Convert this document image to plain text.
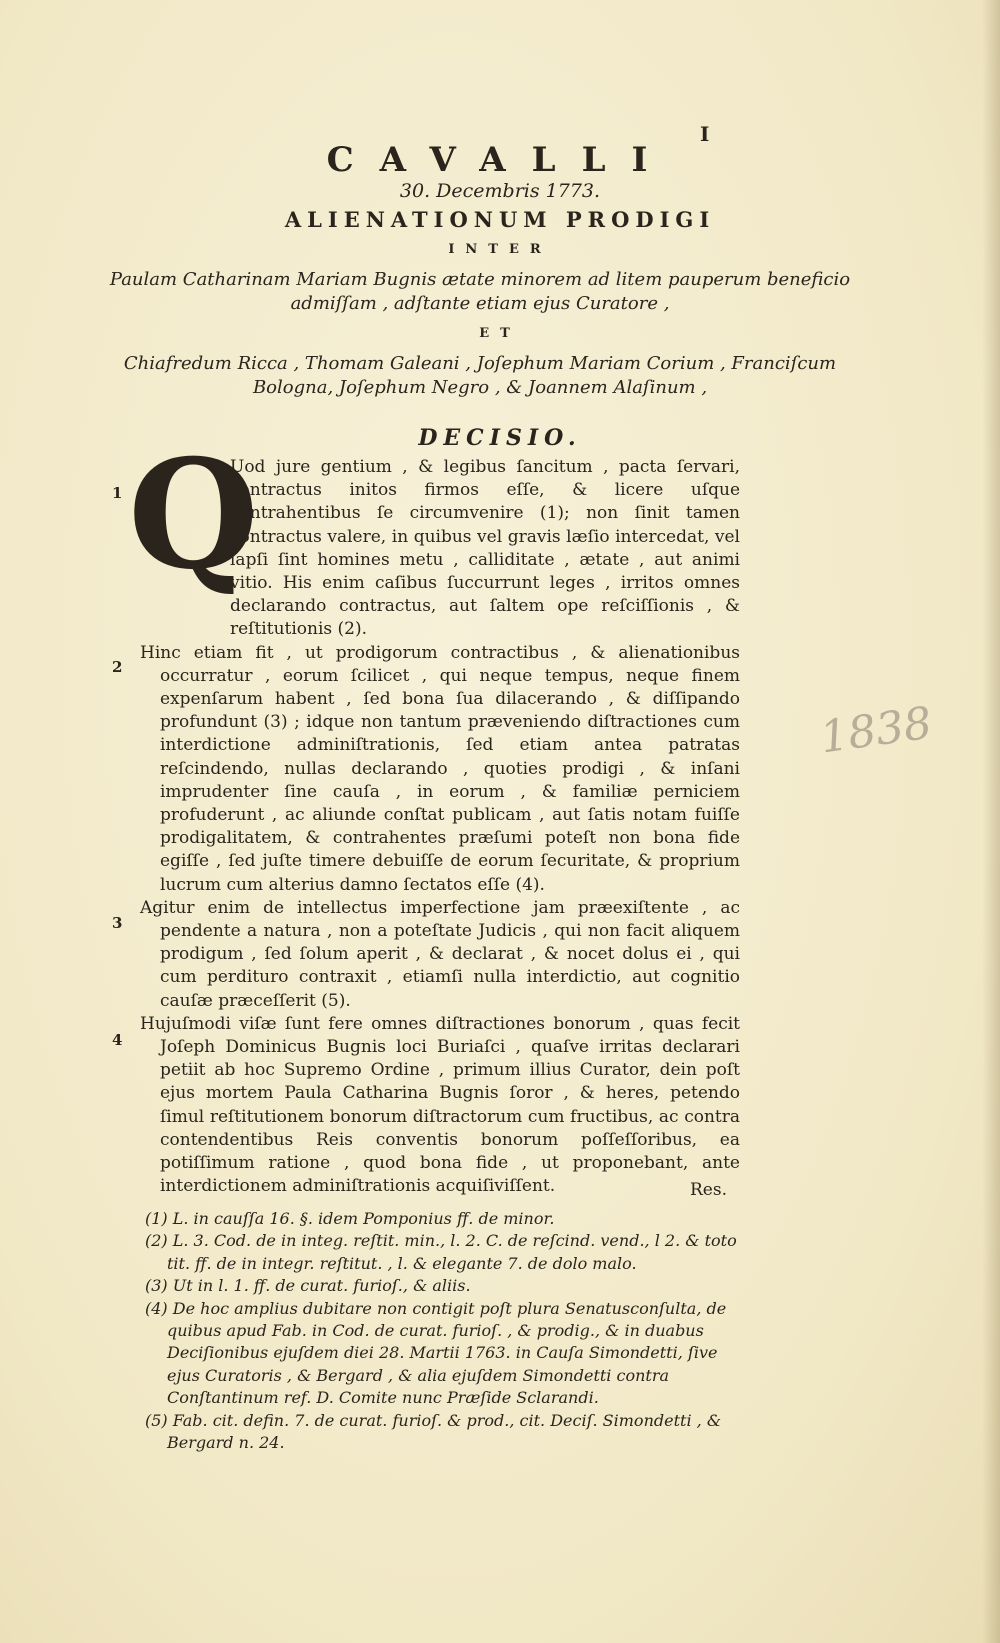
I
CAVALLI
30. Decembris 1773.
ALIENATIONUM PRODIGI
INTER
Paulam Catharinam Mariam Bugnis ætate minorem ad litem pauperum beneficio admiſſam , adſtante etiam ejus Curatore ,
ET
Chiafredum Ricca , Thomam Galeani , Joſephum Mariam Corium , Franciſcum Bologna, Joſephum Negro , & Joannem Alaſinum ,
DECISIO.
Q
1
2
3
4

Uod jure gentium , & legibus ſancitum , pacta ſervari, contractus initos firmos eſſe, & licere uſque contrahentibus ſe circumvenire (1); non ſinit tamen contractus valere, in quibus vel gravis læſio intercedat, vel lapſi ſint homines metu , calliditate , ætate , aut animi vitio. His enim caſibus ſuccurrunt leges , irritos omnes declarando contractus, aut ſaltem ope reſciſſionis , & reſtitutionis (2).

Hinc etiam fit , ut prodigorum contractibus , & alienationibus occurratur , eorum ſcilicet , qui neque tempus, neque finem expenſarum habent , ſed bona ſua dilacerando , & diſſipando profundunt (3) ; idque non tantum præveniendo diſtractiones cum interdictione adminiſtrationis, ſed etiam antea patratas reſcindendo, nullas declarando , quoties prodigi , & inſani imprudenter ſine cauſa , in eorum , & familiæ perniciem profuderunt , ac aliunde conſtat publicam , aut ſatis notam fuiſſe prodigalitatem, & contrahentes præſumi poteſt non bona fide egiſſe , ſed juſte timere debuiſſe de eorum ſecuritate, & proprium lucrum cum alterius damno ſectatos eſſe (4).

Agitur enim de intellectus imperfectione jam præexiſtente , ac pendente a natura , non a poteſtate Judicis , qui non facit aliquem prodigum , ſed ſolum aperit , & declarat , & nocet dolus ei , qui cum perdituro contraxit , etiamſi nulla interdictio, aut cognitio cauſæ præceſſerit (5).

Hujuſmodi viſæ ſunt fere omnes diſtractiones bonorum , quas fecit Joſeph Dominicus Bugnis loci Buriaſci , quaſve irritas declarari petiit ab hoc Supremo Ordine , primum illius Curator, dein poſt ejus mortem Paula Catharina Bugnis ſoror , & heres, petendo ſimul reſtitutionem bonorum diſtractorum cum fructibus, ac contra contendentibus Reis conventis bonorum poſſeſſoribus, ea potiſſimum ratione , quod bona fide , ut proponebant, ante interdictionem adminiſtrationis acquiſiviſſent.	Res.

(1) L. in cauſſa 16. §. idem Pomponius ff. de minor.

(2) L. 3. Cod. de in integ. reſtit. min., l. 2. C. de reſcind. vend., l 2. & toto tit. ff. de in integr. reſtitut. , l. & elegante 7. de dolo malo.

(3) Ut in l. 1. ff. de curat. furioſ., & aliis.

(4) De hoc amplius dubitare non contigit poſt plura Senatusconſulta, de quibus apud Fab. in Cod. de curat. furioſ. , & prodig., & in duabus Deciſionibus ejuſdem diei 28. Martii 1763. in Cauſa Simondetti, ſive ejus Curatoris , & Bergard , & alia ejuſdem Simondetti contra Conſtantinum ref. D. Comite nunc Præſide Sclarandi.

(5) Fab. cit. defin. 7. de curat. furioſ. & prod., cit. Deciſ. Simondetti , & Bergard n. 24.

1838
